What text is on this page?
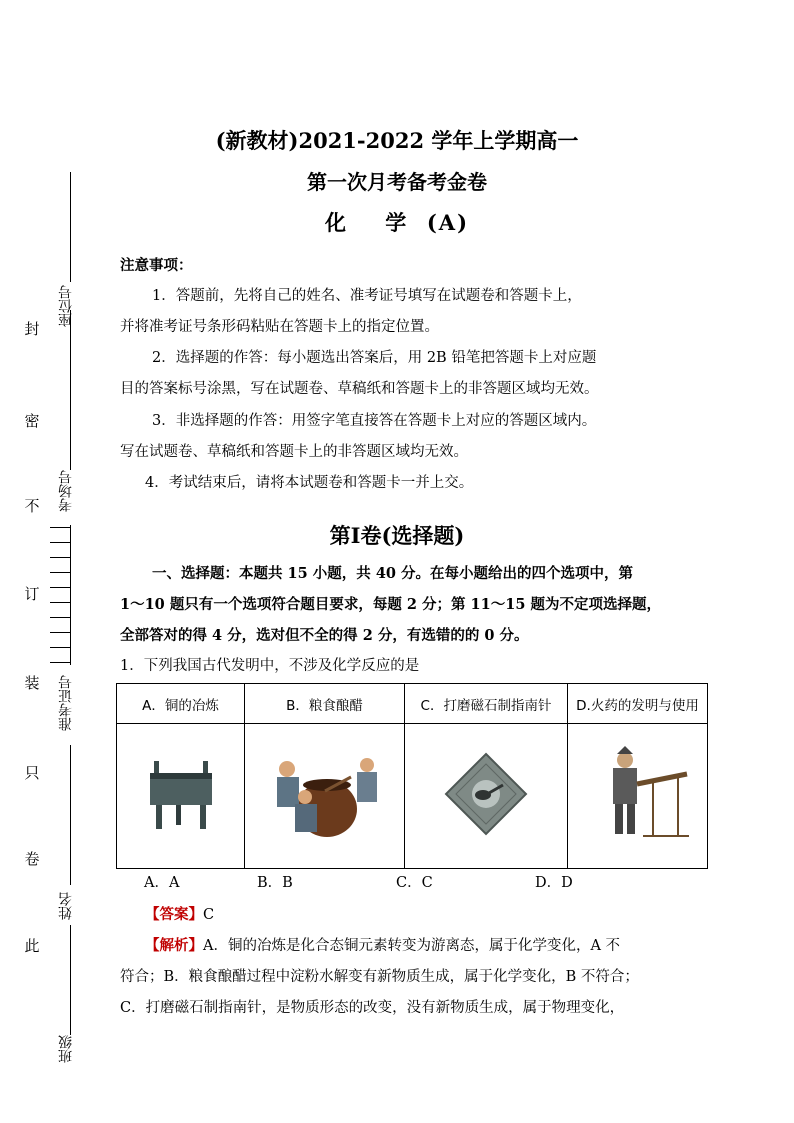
座位号
考场号
准考证号
姓名
班级
封
密
不
订
装
只
卷
此
(新教材)2021-2022 学年上学期高一
第一次月考备考金卷
化    学  (A)
注意事项：
1．答题前，先将自己的姓名、准考证号填写在试题卷和答题卡上，
并将准考证号条形码粘贴在答题卡上的指定位置。
2．选择题的作答：每小题选出答案后，用 2B 铅笔把答题卡上对应题
目的答案标号涂黑，写在试题卷、草稿纸和答题卡上的非答题区域均无效。
3．非选择题的作答：用签字笔直接答在答题卡上对应的答题区域内。
写在试题卷、草稿纸和答题卡上的非答题区域均无效。
4．考试结束后，请将本试题卷和答题卡一并上交。
第Ⅰ卷(选择题)
一、选择题：本题共 15 小题，共 40 分。在每小题给出的四个选项中，第
1～10 题只有一个选项符合题目要求，每题 2 分；第 11～15 题为不定项选择题，
全部答对的得 4 分，选对但不全的得 2 分，有选错的的 0 分。
1．下列我国古代发明中，不涉及化学反应的是
A．铜的冶炼	B．粮食酿醋	C．打磨磁石制指南针	D.火药的发明与使用

A．A	B．B	C．C	D．D
【答案】C
【解析】A．铜的冶炼是化合态铜元素转变为游离态，属于化学变化，A 不
符合；B．粮食酿醋过程中淀粉水解变有新物质生成，属于化学变化，B 不符合；
C．打磨磁石制指南针，是物质形态的改变，没有新物质生成，属于物理变化，
